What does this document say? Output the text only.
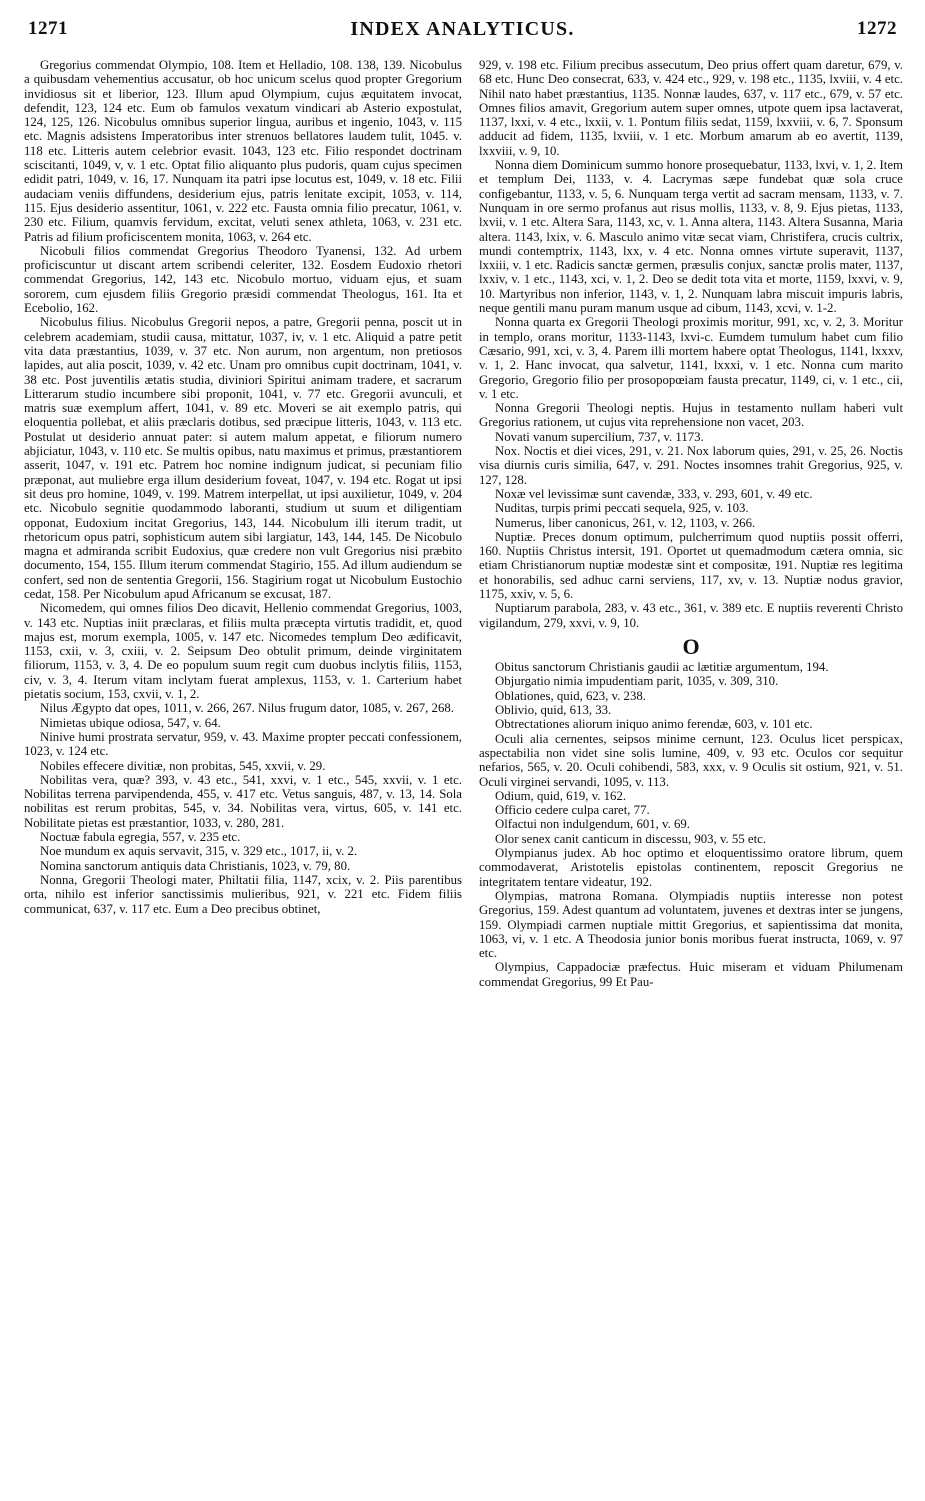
1271	INDEX ANALYTICUS.	1272

Gregorius commendat Olympio, 108. Item et Helladio, 108. 138, 139. Nicobulus a quibusdam vehementius accusatur, ob hoc unicum scelus quod propter Gregorium invidiosus sit et liberior, 123. Illum apud Olympium, cujus æquitatem invocat, defendit, 123, 124 etc. Eum ob famulos vexatum vindicari ab Asterio expostulat, 124, 125, 126. Nicobulus omnibus superior lingua, auribus et ingenio, 1043, v. 115 etc. Magnis adsistens Imperatoribus inter strenuos bellatores laudem tulit, 1045. v. 118 etc. Litteris autem celebrior evasit. 1043, 123 etc. Filio respondet doctrinam sciscitanti, 1049, v, v. 1 etc. Optat filio aliquanto plus pudoris, quam cujus specimen edidit patri, 1049, v. 16, 17. Nunquam ita patri ipse locutus est, 1049, v. 18 etc. Filii audaciam veniis diffundens, desiderium ejus, patris lenitate excipit, 1053, v. 114, 115. Ejus desiderio assentitur, 1061, v. 222 etc. Fausta omnia filio precatur, 1061, v. 230 etc. Filium, quamvis fervidum, excitat, veluti senex athleta, 1063, v. 231 etc. Patris ad filium proficiscentem monita, 1063, v. 264 etc.

Nicobuli filios commendat Gregorius Theodoro Tyanensi, 132. Ad urbem proficiscuntur ut discant artem scribendi celeriter, 132. Eosdem Eudoxio rhetori commendat Gregorius, 142, 143 etc. Nicobulo mortuo, viduam ejus, et suam sororem, cum ejusdem filiis Gregorio præsidi commendat Theologus, 161. Ita et Ecebolio, 162.

Nicobulus filius. Nicobulus Gregorii nepos, a patre, Gregorii penna, poscit ut in celebrem academiam, studii causa, mittatur, 1037, iv, v. 1 etc. Aliquid a patre petit vita data præstantius, 1039, v. 37 etc. Non aurum, non argentum, non pretiosos lapides, aut alia poscit, 1039, v. 42 etc. Unam pro omnibus cupit doctrinam, 1041, v. 38 etc. Post juventilis ætatis studia, diviniori Spiritui animam tradere, et sacrarum Litterarum studio incumbere sibi proponit, 1041, v. 77 etc. Gregorii avunculi, et matris suæ exemplum affert, 1041, v. 89 etc. Moveri se ait exemplo patris, qui eloquentia pollebat, et aliis præclaris dotibus, sed præcipue litteris, 1043, v. 113 etc. Postulat ut desiderio annuat pater: si autem malum appetat, e filiorum numero abjiciatur, 1043, v. 110 etc. Se multis opibus, natu maximus et primus, præstantiorem asserit, 1047, v. 191 etc. Patrem hoc nomine indignum judicat, si pecuniam filio præponat, aut muliebre erga illum desiderium foveat, 1047, v. 194 etc. Rogat ut ipsi sit deus pro homine, 1049, v. 199. Matrem interpellat, ut ipsi auxilietur, 1049, v. 204 etc. Nicobulo segnitie quodammodo laboranti, studium ut suum et diligentiam opponat, Eudoxium incitat Gregorius, 143, 144. Nicobulum illi iterum tradit, ut rhetoricum opus patri, sophisticum autem sibi largiatur, 143, 144, 145. De Nicobulo magna et admiranda scribit Eudoxius, quæ credere non vult Gregorius nisi præbito documento, 154, 155. Illum iterum commendat Stagirio, 155. Ad illum audiendum se confert, sed non de sententia Gregorii, 156. Stagirium rogat ut Nicobulum Eustochio cedat, 158. Per Nicobulum apud Africanum se excusat, 187.

Nicomedem, qui omnes filios Deo dicavit, Hellenio commendat Gregorius, 1003, v. 143 etc. Nuptias iniit præclaras, et filiis multa præcepta virtutis tradidit, et, quod majus est, morum exempla, 1005, v. 147 etc. Nicomedes templum Deo ædificavit, 1153, cxii, v. 3, cxiii, v. 2. Seipsum Deo obtulit primum, deinde virginitatem filiorum, 1153, v. 3, 4. De eo populum suum regit cum duobus inclytis filiis, 1153, civ, v. 3, 4. Iterum vitam inclytam fuerat amplexus, 1153, v. 1. Carterium habet pietatis socium, 153, cxvii, v. 1, 2.

Nilus Ægypto dat opes, 1011, v. 266, 267. Nilus frugum dator, 1085, v. 267, 268.

Nimietas ubique odiosa, 547, v. 64.

Ninive humi prostrata servatur, 959, v. 43. Maxime propter peccati confessionem, 1023, v. 124 etc.

Nobiles effecere divitiæ, non probitas, 545, xxvii, v. 29.

Nobilitas vera, quæ? 393, v. 43 etc., 541, xxvi, v. 1 etc., 545, xxvii, v. 1 etc. Nobilitas terrena parvipendenda, 455, v. 417 etc. Vetus sanguis, 487, v. 13, 14. Sola nobilitas est rerum probitas, 545, v. 34. Nobilitas vera, virtus, 605, v. 141 etc. Nobilitate pietas est præstantior, 1033, v. 280, 281.

Noctuæ fabula egregia, 557, v. 235 etc.

Noe mundum ex aquis servavit, 315, v. 329 etc., 1017, ii, v. 2.

Nomina sanctorum antiquis data Christianis, 1023, v. 79, 80.

Nonna, Gregorii Theologi mater, Philtatii filia, 1147, xcix, v. 2. Piis parentibus orta, nihilo est inferior sanctissimis mulieribus, 921, v. 221 etc. Fidem filiis communicat, 637, v. 117 etc. Eum a Deo precibus obtinet,

929, v. 198 etc. Filium precibus assecutum, Deo prius offert quam daretur, 679, v. 68 etc. Hunc Deo consecrat, 633, v. 424 etc., 929, v. 198 etc., 1135, lxviii, v. 4 etc. Nihil nato habet præstantius, 1135. Nonnæ laudes, 637, v. 117 etc., 679, v. 57 etc. Omnes filios amavit, Gregorium autem super omnes, utpote quem ipsa lactaverat, 1137, lxxi, v. 4 etc., lxxii, v. 1. Pontum filiis sedat, 1159, lxxviii, v. 6, 7. Sponsum adducit ad fidem, 1135, lxviii, v. 1 etc. Morbum amarum ab eo avertit, 1139, lxxviii, v. 9, 10.

Nonna diem Dominicum summo honore prosequebatur, 1133, lxvi, v. 1, 2. Item et templum Dei, 1133, v. 4. Lacrymas sæpe fundebat quæ sola cruce configebantur, 1133, v. 5, 6. Nunquam terga vertit ad sacram mensam, 1133, v. 7. Nunquam in ore sermo profanus aut risus mollis, 1133, v. 8, 9. Ejus pietas, 1133, lxvii, v. 1 etc. Altera Sara, 1143, xc, v. 1. Anna altera, 1143. Altera Susanna, Maria altera. 1143, lxix, v. 6. Masculo animo vitæ secat viam, Christifera, crucis cultrix, mundi contemptrix, 1143, lxx, v. 4 etc. Nonna omnes virtute superavit, 1137, lxxiii, v. 1 etc. Radicis sanctæ germen, præsulis conjux, sanctæ prolis mater, 1137, lxxiv, v. 1 etc., 1143, xci, v. 1, 2. Deo se dedit tota vita et morte, 1159, lxxvi, v. 9, 10. Martyribus non inferior, 1143, v. 1, 2. Nunquam labra miscuit impuris labris, neque gentili manu puram manum usque ad cibum, 1143, xcvi, v. 1-2.

Nonna quarta ex Gregorii Theologi proximis moritur, 991, xc, v. 2, 3. Moritur in templo, orans moritur, 1133-1143, lxvi-c. Eumdem tumulum habet cum filio Cæsario, 991, xci, v. 3, 4. Parem illi mortem habere optat Theologus, 1141, lxxxv, v. 1, 2. Hanc invocat, qua salvetur, 1141, lxxxi, v. 1 etc. Nonna cum marito Gregorio, Gregorio filio per prosopopœiam fausta precatur, 1149, ci, v. 1 etc., cii, v. 1 etc.

Nonna Gregorii Theologi neptis. Hujus in testamento nullam haberi vult Gregorius rationem, ut cujus vita reprehensione non vacet, 203.

Novati vanum supercilium, 737, v. 1173.

Nox. Noctis et diei vices, 291, v. 21. Nox laborum quies, 291, v. 25, 26. Noctis visa diurnis curis similia, 647, v. 291. Noctes insomnes trahit Gregorius, 925, v. 127, 128.

Noxæ vel levissimæ sunt cavendæ, 333, v. 293, 601, v. 49 etc.

Nuditas, turpis primi peccati sequela, 925, v. 103.

Numerus, liber canonicus, 261, v. 12, 1103, v. 266.

Nuptiæ. Preces donum optimum, pulcherrimum quod nuptiis possit offerri, 160. Nuptiis Christus intersit, 191. Oportet ut quemadmodum cætera omnia, sic etiam Christianorum nuptiæ modestæ sint et compositæ, 191. Nuptiæ res legitima et honorabilis, sed adhuc carni serviens, 117, xv, v. 13. Nuptiæ nodus gravior, 1175, xxiv, v. 5, 6.

Nuptiarum parabola, 283, v. 43 etc., 361, v. 389 etc. E nuptiis reverenti Christo vigilandum, 279, xxvi, v. 9, 10.

O

Obitus sanctorum Christianis gaudii ac lætitiæ argumentum, 194.

Objurgatio nimia impudentiam parit, 1035, v. 309, 310.

Oblationes, quid, 623, v. 238.

Oblivio, quid, 613, 33.

Obtrectationes aliorum iniquo animo ferendæ, 603, v. 101 etc.

Oculi alia cernentes, seipsos minime cernunt, 123. Oculus licet perspicax, aspectabilia non videt sine solis lumine, 409, v. 93 etc. Oculos cor sequitur nefarios, 565, v. 20. Oculi cohibendi, 583, xxx, v. 9 Oculis sit ostium, 921, v. 51. Oculi virginei servandi, 1095, v. 113.

Odium, quid, 619, v. 162.

Officio cedere culpa caret, 77.

Olfactui non indulgendum, 601, v. 69.

Olor senex canit canticum in discessu, 903, v. 55 etc.

Olympianus judex. Ab hoc optimo et eloquentissimo oratore librum, quem commodaverat, Aristotelis epistolas continentem, reposcit Gregorius ne integritatem tentare videatur, 192.

Olympias, matrona Romana. Olympiadis nuptiis interesse non potest Gregorius, 159. Adest quantum ad voluntatem, juvenes et dextras inter se jungens, 159. Olympiadi carmen nuptiale mittit Gregorius, et sapientissima dat monita, 1063, vi, v. 1 etc. A Theodosia junior bonis moribus fuerat instructa, 1069, v. 97 etc.

Olympius, Cappadociæ præfectus. Huic miseram et viduam Philumenam commendat Gregorius, 99 Et Pau-
